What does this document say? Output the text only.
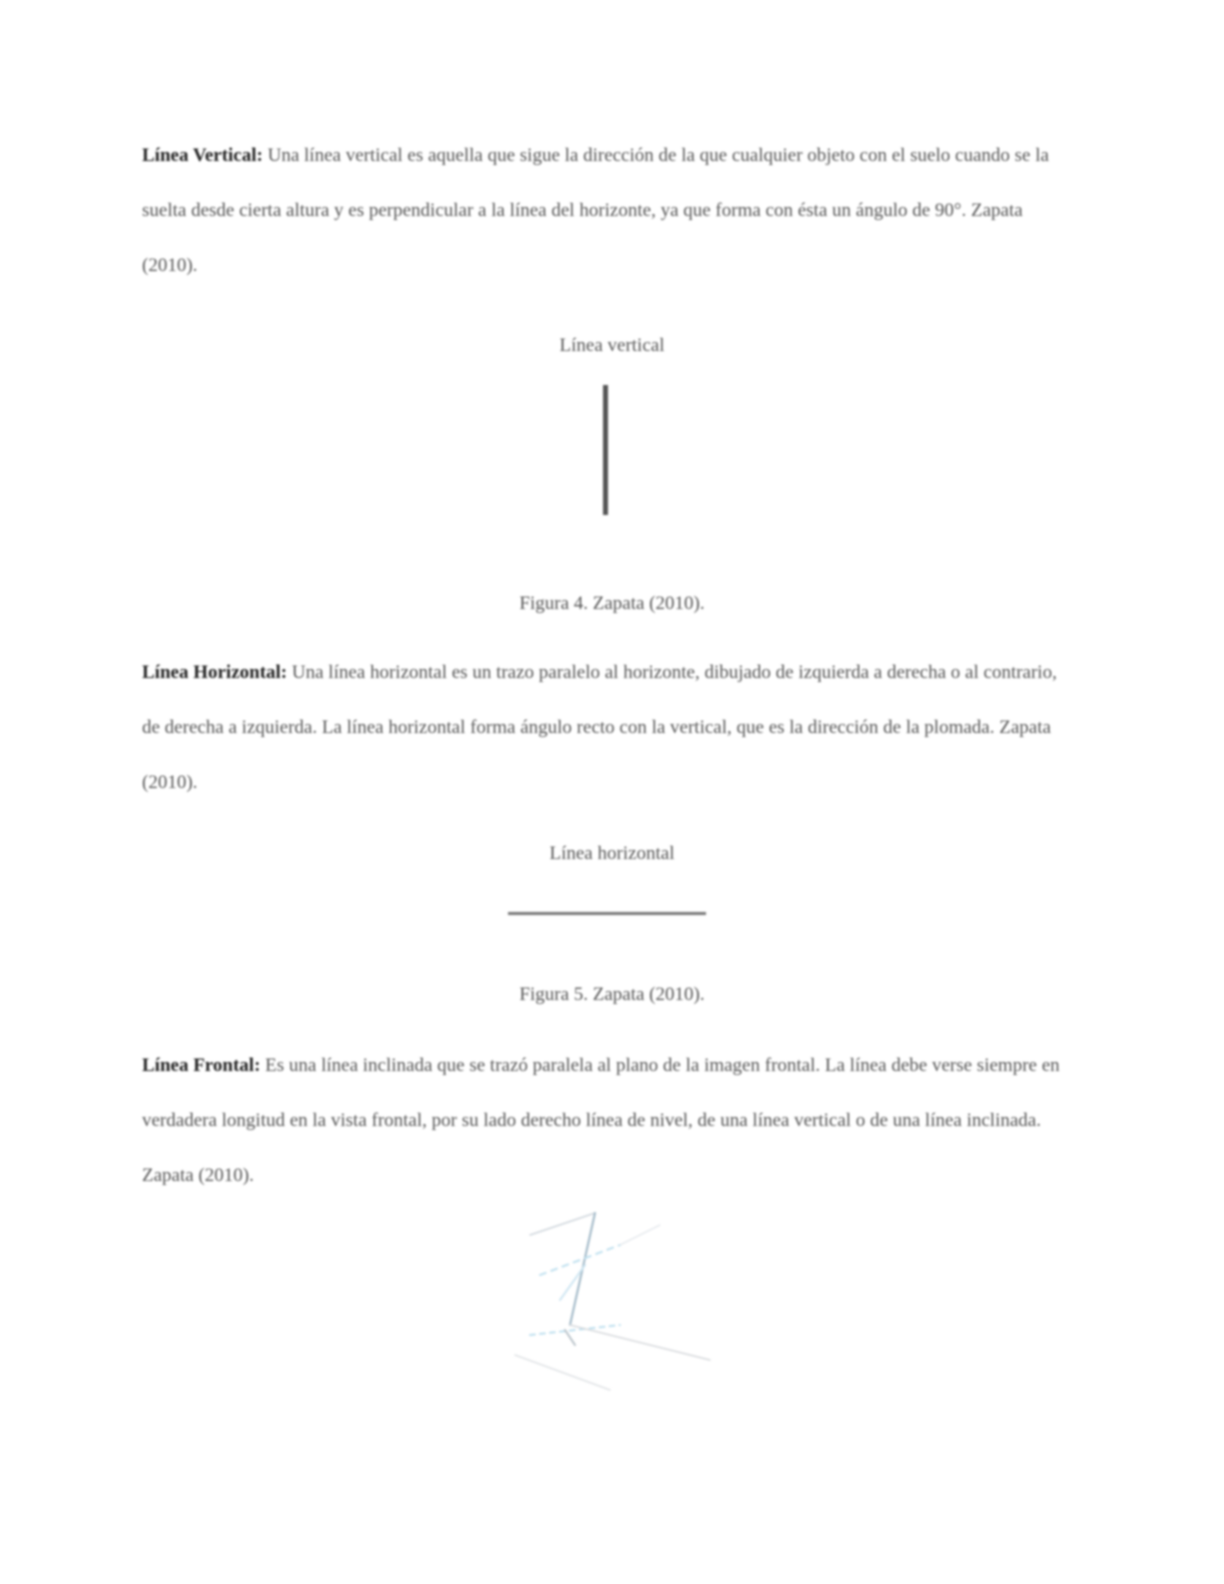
Línea Vertical: Una línea vertical es aquella que sigue la dirección de la que cualquier objeto con el suelo cuando se la suelta desde cierta altura y es perpendicular a la línea del horizonte, ya que forma con ésta un ángulo de 90°. Zapata (2010).

Línea vertical
Figura 4. Zapata (2010).

Línea Horizontal: Una línea horizontal es un trazo paralelo al horizonte, dibujado de izquierda a derecha o al contrario, de derecha a izquierda. La línea horizontal forma ángulo recto con la vertical, que es la dirección de la plomada. Zapata (2010).

Línea horizontal
Figura 5. Zapata (2010).

Línea Frontal: Es una línea inclinada que se trazó paralela al plano de la imagen frontal. La línea debe verse siempre en verdadera longitud en la vista frontal, por su lado derecho línea de nivel, de una línea vertical o de una línea inclinada. Zapata (2010).
